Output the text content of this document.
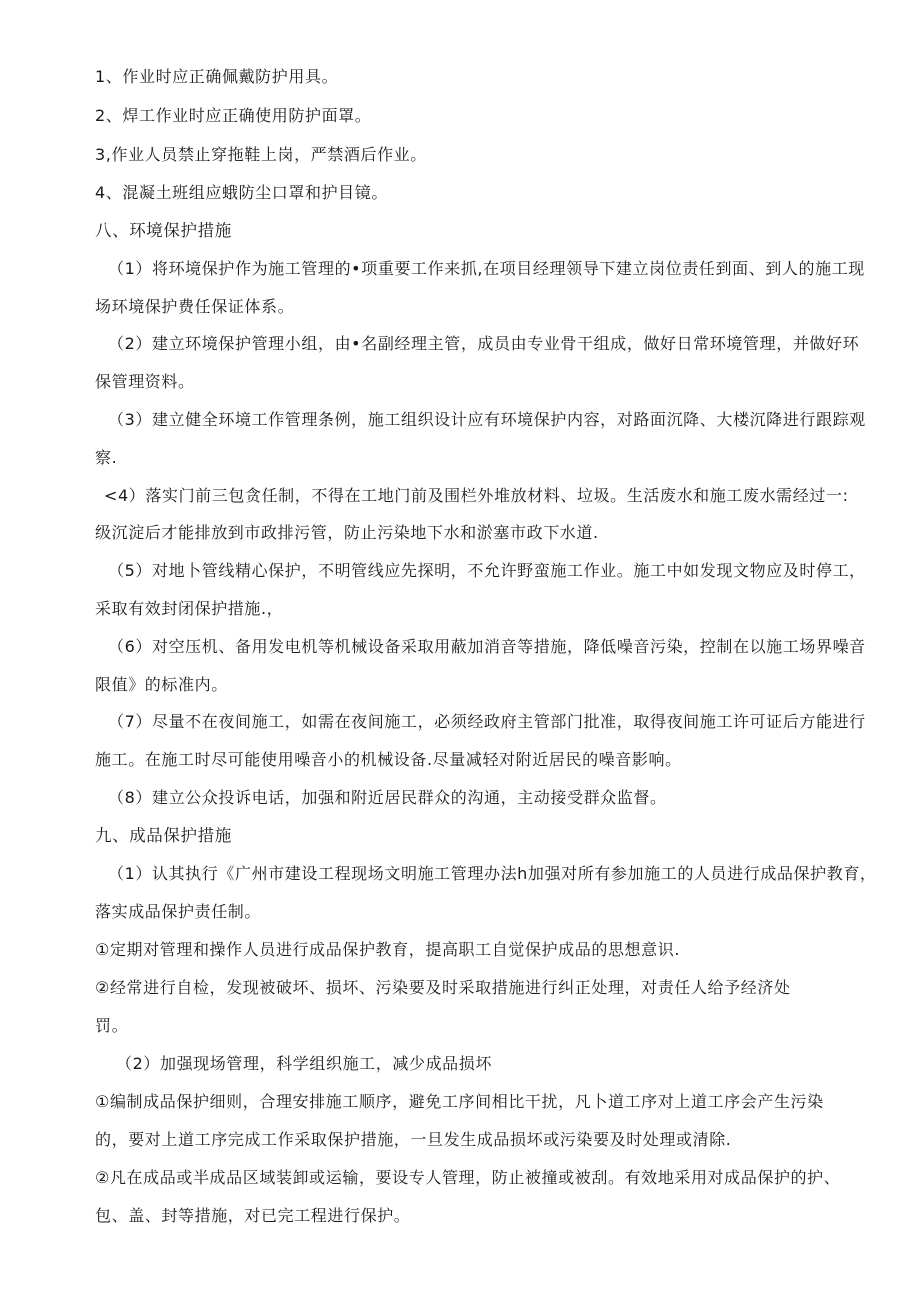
1、作业时应正确佩戴防护用具。

2、焊工作业时应正确使用防护面罩。

3,作业人员禁止穿拖鞋上岗，严禁酒后作业。

4、混凝土班组应蛾防尘口罩和护目镜。

八、环境保护措施

（1）将环境保护作为施工管理的•项重要工作来抓,在项目经理领导下建立岗位责任到面、到人的施工现

场环境保护费任保证体系。

（2）建立环境保护管理小组，由•名副经理主管，成员由专业骨干组成，做好日常环境管理，并做好环

保管理资料。

（3）建立健全环境工作管理条例，施工组织设计应有环境保护内容，对路面沉降、大楼沉降进行跟踪观

察.

<4）落实门前三包贪任制，不得在工地门前及围栏外堆放材料、垃圾。生活废水和施工废水需经过一:

级沉淀后才能排放到市政排污管，防止污染地下水和淤塞市政下水道.

（5）对地卜管线精心保护，不明管线应先探明，不允许野蛮施工作业。施工中如发现文物应及时停工，

采取有效封闭保护措施.，

（6）对空压机、备用发电机等机械设备采取用蔽加消音等措施，降低噪音污染，控制在以施工场界噪音

限值》的标准内。

（7）尽量不在夜间施工，如需在夜间施工，必须经政府主管部门批准，取得夜间施工许可证后方能进行

施工。在施工时尽可能使用噪音小的机械设备.尽量减轻对附近居民的噪音影响。

（8）建立公众投诉电话，加强和附近居民群众的沟通，主动接受群众监督。

九、成品保护措施

（1）认其执行《广州市建设工程现场文明施工管理办法h加强对所有参加施工的人员进行成品保护教育，

落实成品保护责任制。

①定期对管理和操作人员进行成品保护教育，提高职工自觉保护成品的思想意识.

②经常进行自检，发现被破坏、损坏、污染要及时采取措施进行纠正处理，对责任人给予经济处

罚。

（2）加强现场管理，科学组织施工，减少成品损坏

①编制成品保护细则，合理安排施工顺序，避免工序间相比干扰，凡卜道工序对上道工序会产生污染

的，要对上道工序完成工作采取保护措施，一旦发生成品损坏或污染要及时处理或清除.

②凡在成品或半成品区域装卸或运输，要设专人管理，防止被撞或被刮。有效地采用对成品保护的护、

包、盖、封等措施，对已完工程进行保护。
